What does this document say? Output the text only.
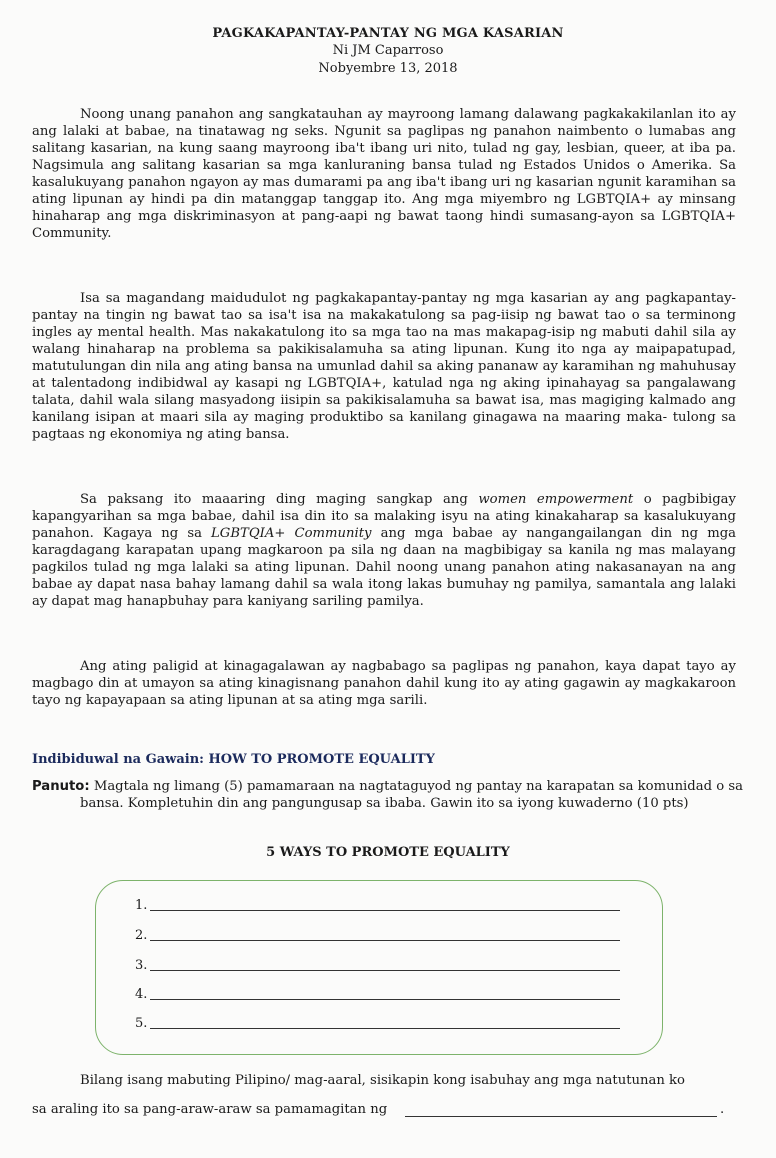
PAGKAKAPANTAY-PANTAY NG MGA KASARIAN
Ni JM Caparroso
Nobyembre 13, 2018

Noong unang panahon ang sangkatauhan ay mayroong lamang dalawang pagkakakilanlan ito ay ang lalaki at babae, na tinatawag ng seks. Ngunit sa paglipas ng panahon naimbento o lumabas ang salitang kasarian, na kung saang mayroong iba't ibang uri nito, tulad ng gay, lesbian, queer, at iba pa. Nagsimula ang salitang kasarian sa mga kanluraning bansa tulad ng Estados Unidos o Amerika. Sa kasalukuyang panahon ngayon ay mas dumarami pa ang iba't ibang uri ng kasarian ngunit karamihan sa ating lipunan ay hindi pa din matanggap tanggap ito. Ang mga miyembro ng LGBTQIA+ ay minsang hinaharap ang mga diskriminasyon at pang-aapi ng bawat taong hindi sumasang-ayon sa LGBTQIA+ Community.

Isa sa magandang maidudulot ng pagkakapantay-pantay ng mga kasarian ay ang pagkapantay-pantay na tingin ng bawat tao sa isa't isa na makakatulong sa pag-iisip ng bawat tao o sa terminong ingles ay mental health. Mas nakakatulong ito sa mga tao na mas makapag-isip ng mabuti dahil sila ay walang hinaharap na problema sa pakikisalamuha sa ating lipunan. Kung ito nga ay maipapatupad, matutulungan din nila ang ating bansa na umunlad dahil sa aking pananaw ay karamihan ng mahuhusay at talentadong indibidwal ay kasapi ng LGBTQIA+, katulad nga ng aking ipinahayag sa pangalawang talata, dahil wala silang masyadong iisipin sa pakikisalamuha sa bawat isa, mas magiging kalmado ang kanilang isipan at maari sila ay maging produktibo sa kanilang ginagawa na maaring maka- tulong sa pagtaas ng ekonomiya ng ating bansa.

Sa paksang ito maaaring ding maging sangkap ang women empowerment o pagbibigay kapangyarihan sa mga babae, dahil isa din ito sa malaking isyu na ating kinakaharap sa kasalukuyang panahon. Kagaya ng sa LGBTQIA+ Community ang mga babae ay nangangailangan din ng mga karagdagang karapatan upang magkaroon pa sila ng daan na magbibigay sa kanila ng mas malayang pagkilos tulad ng mga lalaki sa ating lipunan. Dahil noong unang panahon ating nakasanayan na ang babae ay dapat nasa bahay lamang dahil sa wala itong lakas bumuhay ng pamilya, samantala ang lalaki ay dapat mag hanapbuhay para kaniyang sariling pamilya.

Ang ating paligid at kinagagalawan ay nagbabago sa paglipas ng panahon, kaya dapat tayo ay magbago din at umayon sa ating kinagisnang panahon dahil kung ito ay ating gagawin ay magkakaroon tayo ng kapayapaan sa ating lipunan at sa ating mga sarili.

Indibiduwal na Gawain: HOW TO PROMOTE EQUALITY

Panuto: Magtala ng limang (5) pamamaraan na nagtataguyod ng pantay na karapatan sa komunidad o sa bansa. Kompletuhin din ang pangungusap sa ibaba. Gawin ito sa iyong kuwaderno (10 pts)

5 WAYS TO PROMOTE EQUALITY
1.
2.
3.
4.
5.

Bilang isang mabuting Pilipino/ mag-aaral, sisikapin kong isabuhay ang mga natutunan ko

sa araling ito sa pang-araw-araw sa pamamagitan ng	.
